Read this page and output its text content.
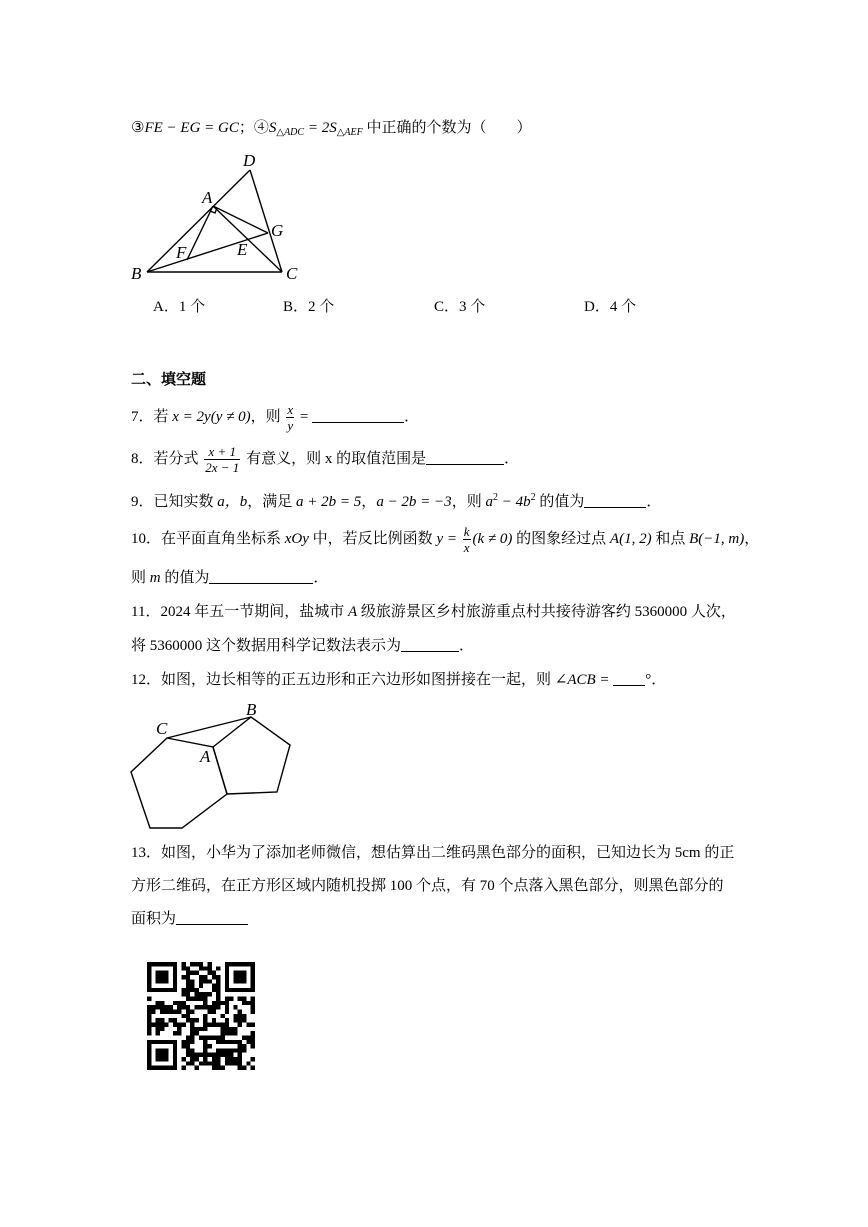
③FE − EG = GC；$④S_{\triangle ADC} = 2S_{\triangle AEF}$ 中正确的个数为（　　）
D
A
G
F	E
B	C
A．1 个	B．2 个	C．3 个	D．4 个
二、填空题
7．若 x = 2y(y ≠ 0)，则 $\frac{x}{y}$ =	．
8．若分式 $\frac{x + 1}{2x - 1}$ 有意义，则 x 的取值范围是	．
9．已知实数 a，b，满足 a + 2b = 5，a − 2b = −3，则 $a^2 - 4b^2$ 的值为	．
10．在平面直角坐标系 xOy 中，若反比例函数 $y = \frac{k}{x} (k \ne 0)$ 的图象经过点 A(1, 2) 和点 B(−1, m)，
则 m 的值为	．
11．2024 年五一节期间，盐城市 A 级旅游景区乡村旅游重点村共接待游客约 5360000 人次，
将 5360000 这个数据用科学记数法表示为	．
12．如图，边长相等的正五边形和正六边形如图拼接在一起，则 ∠ACB = °．
C
B
A
13．如图，小华为了添加老师微信，想估算出二维码黑色部分的面积，已知边长为 5cm 的正
方形二维码，在正方形区域内随机投掷 100 个点，有 70 个点落入黑色部分，则黑色部分的
面积为
